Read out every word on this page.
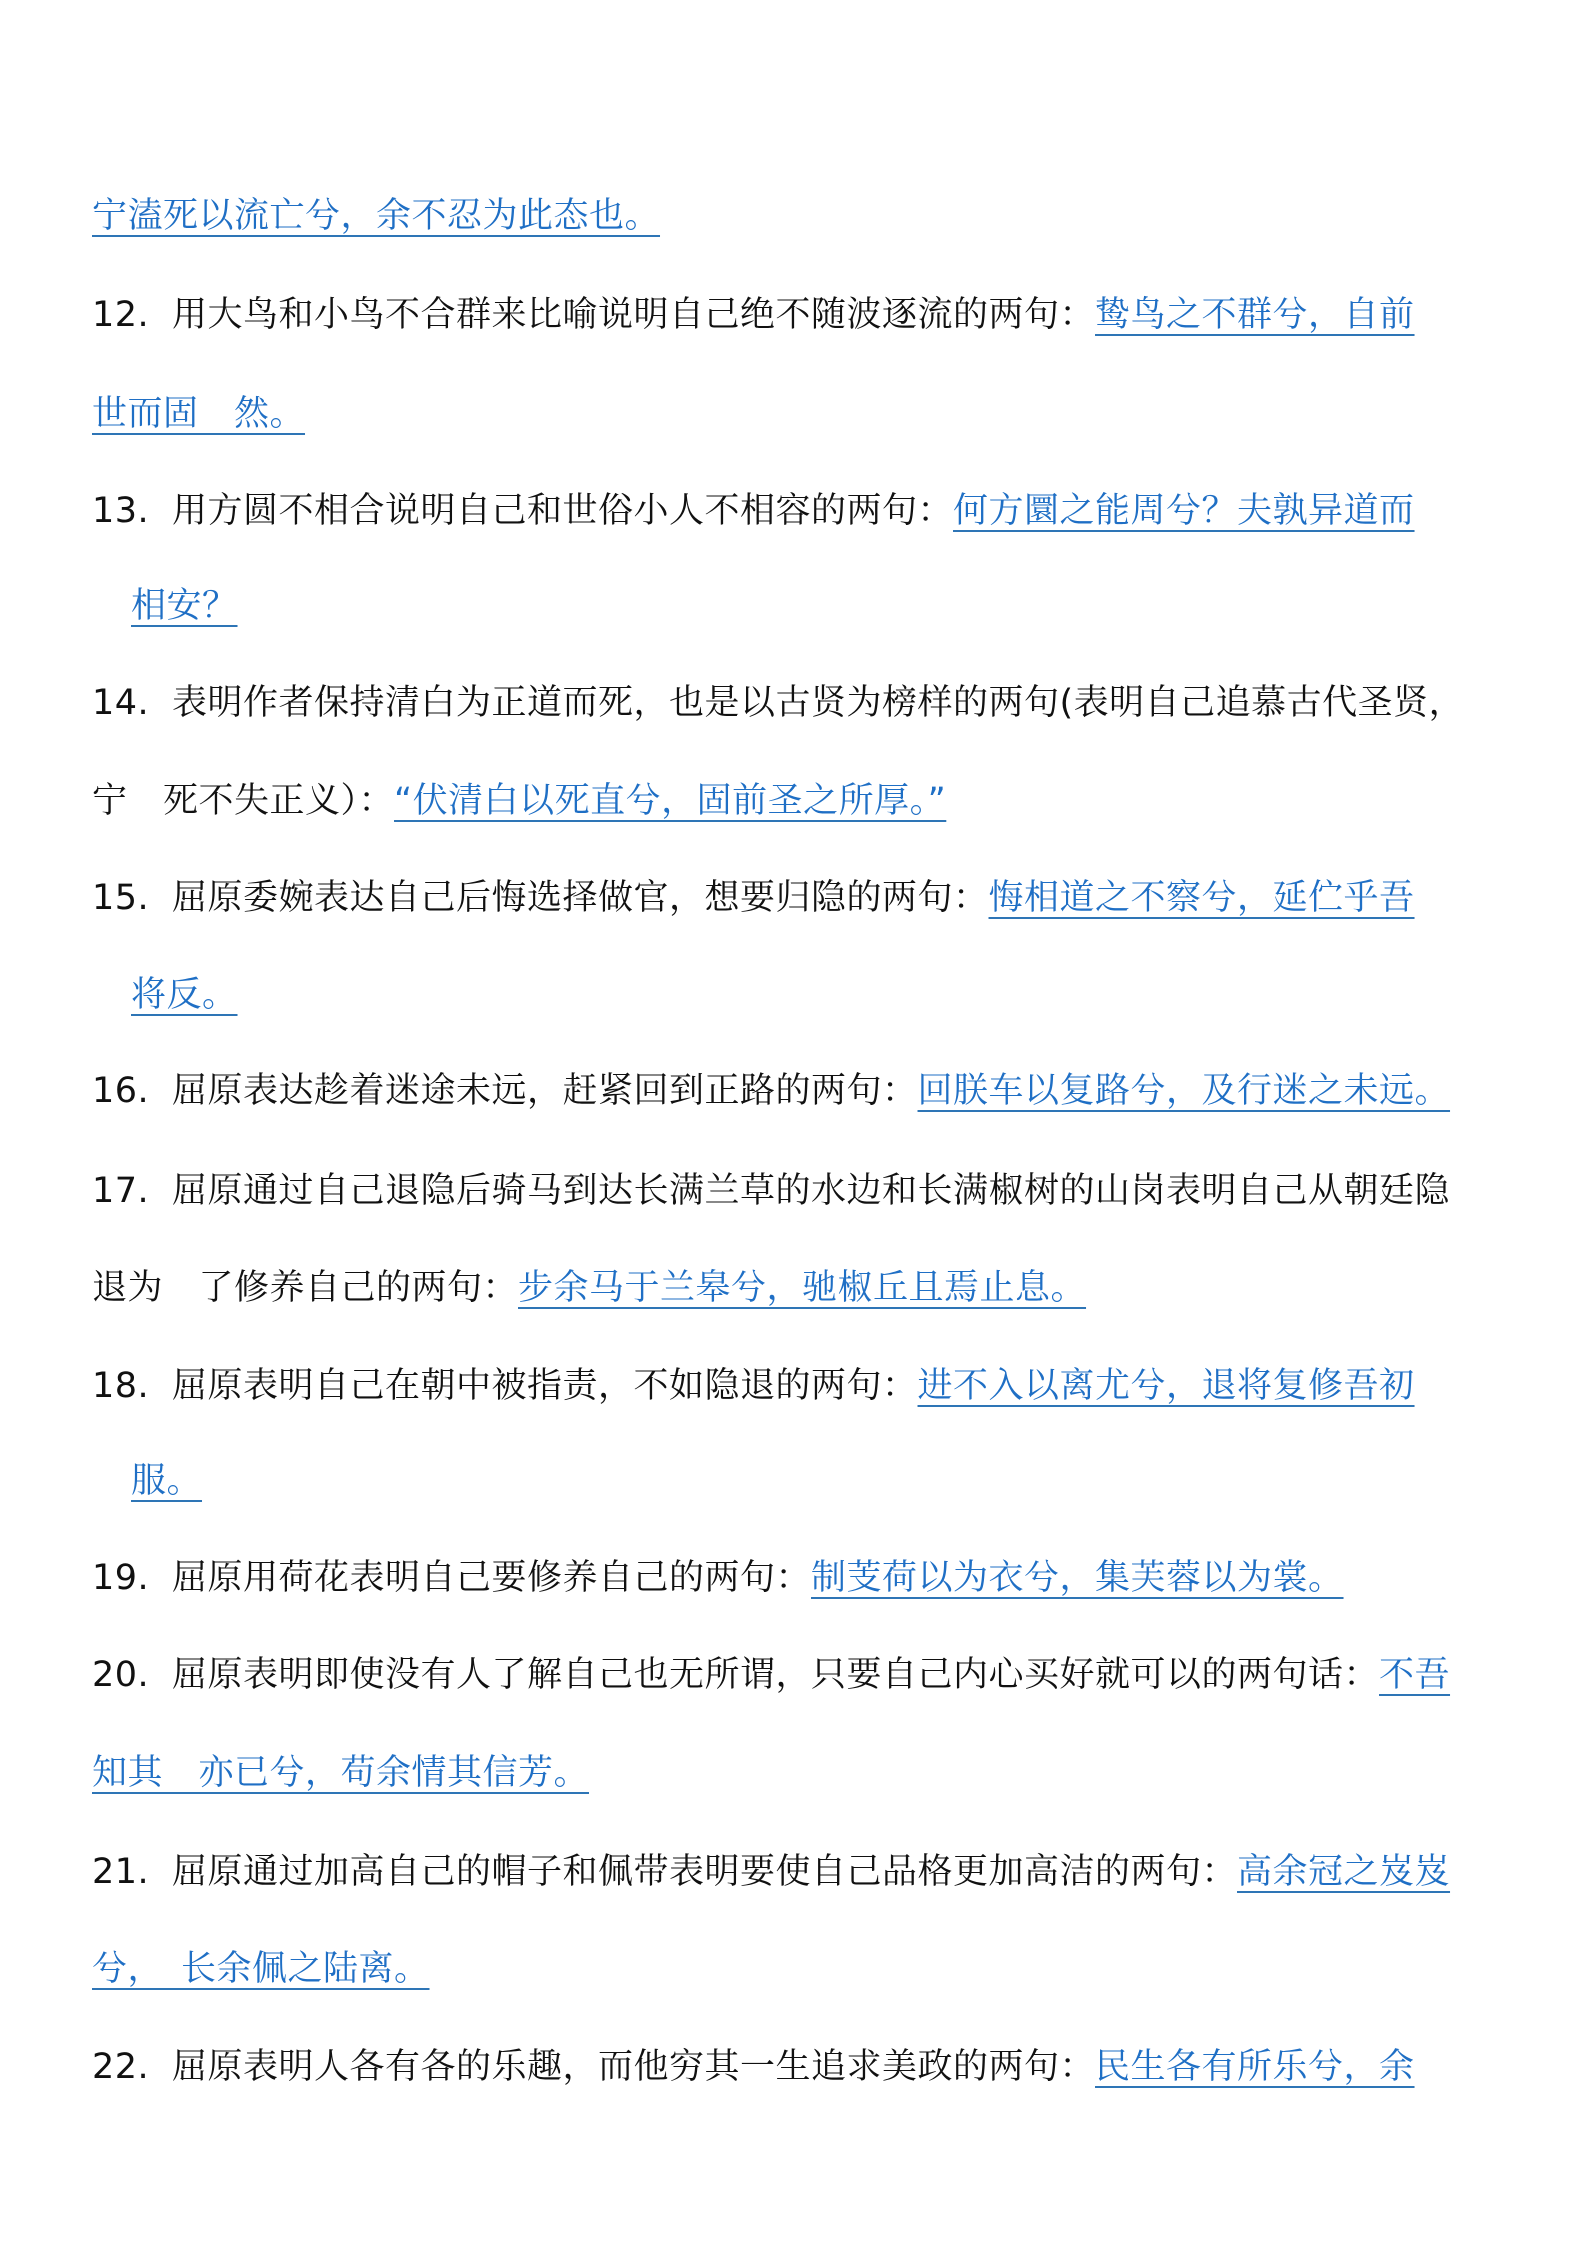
宁溘死以流亡兮，余不忍为此态也。
12. 用大鸟和小鸟不合群来比喻说明自己绝不随波逐流的两句：鸷鸟之不群兮，自前
世而固　然。
13. 用方圆不相合说明自己和世俗小人不相容的两句：何方圜之能周兮？夫孰异道而
相安？
14. 表明作者保持清白为正道而死，也是以古贤为榜样的两句(表明自己追慕古代圣贤，
宁　死不失正义）：“伏清白以死直兮，固前圣之所厚。”
15. 屈原委婉表达自己后悔选择做官，想要归隐的两句：悔相道之不察兮，延伫乎吾
将反。
16. 屈原表达趁着迷途未远，赶紧回到正路的两句：回朕车以复路兮，及行迷之未远。
17. 屈原通过自己退隐后骑马到达长满兰草的水边和长满椒树的山岗表明自己从朝廷隐
退为　了修养自己的两句：步余马于兰皋兮，驰椒丘且焉止息。
18. 屈原表明自己在朝中被指责，不如隐退的两句：进不入以离尤兮，退将复修吾初
服。
19. 屈原用荷花表明自己要修养自己的两句：制芰荷以为衣兮，集芙蓉以为裳。
20. 屈原表明即使没有人了解自己也无所谓，只要自己内心买好就可以的两句话：不吾
知其　亦已兮，苟余情其信芳。
21. 屈原通过加高自己的帽子和佩带表明要使自己品格更加高洁的两句：高余冠之岌岌
兮，　长余佩之陆离。
22. 屈原表明人各有各的乐趣，而他穷其一生追求美政的两句：民生各有所乐兮，余
